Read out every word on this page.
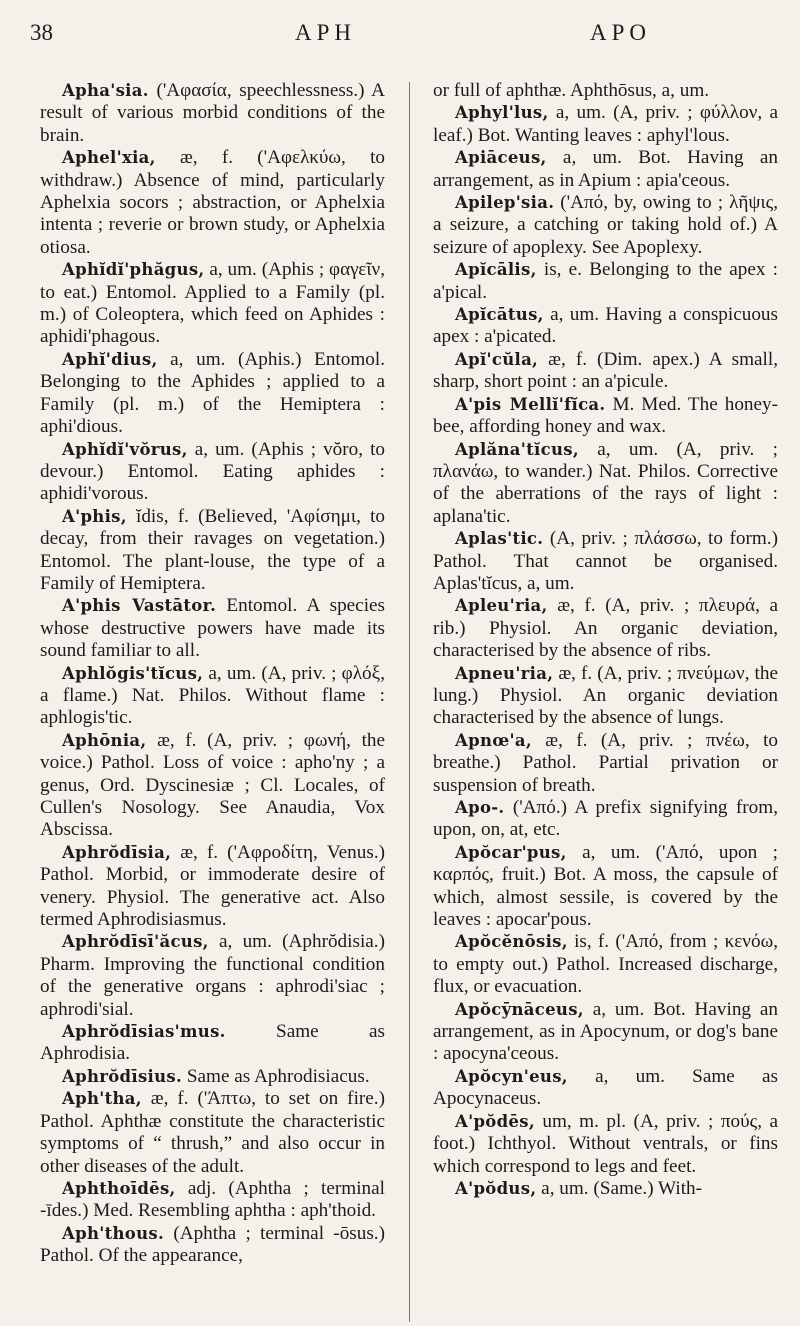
38	APH	APO
Apha'sia. ('Αφασία, speechlessness.) A result of various morbid conditions of the brain.
Aphel'xia, æ, f. ('Αφελκύω, to withdraw.) Absence of mind, particularly Aphelxia socors ; abstraction, or Aphelxia intenta ; reverie or brown study, or Aphelxia otiosa.
Aphĭdĭ'phăgus, a, um. (Aphis ; φαγεῖν, to eat.) Entomol. Applied to a Family (pl. m.) of Coleoptera, which feed on Aphides : aphidi'phagous.
Aphĭ'dius, a, um. (Aphis.) Entomol. Belonging to the Aphides ; applied to a Family (pl. m.) of the Hemiptera : aphi'dious.
Aphĭdĭ'vŏrus, a, um. (Aphis ; vŏro, to devour.) Entomol. Eating aphides : aphidi'vorous.
A'phis, ĭdis, f. (Believed, 'Αφίσημι, to decay, from their ravages on vegetation.) Entomol. The plant-louse, the type of a Family of Hemiptera.
A'phis Vastātor. Entomol. A species whose destructive powers have made its sound familiar to all.
Aphlŏgis'tĭcus, a, um. (A, priv. ; φλόξ, a flame.) Nat. Philos. Without flame : aphlogis'tic.
Aphōnia, æ, f. (A, priv. ; φωνή, the voice.) Pathol. Loss of voice : apho'ny ; a genus, Ord. Dyscinesiæ ; Cl. Locales, of Cullen's Nosology. See Anaudia, Vox Abscissa.
Aphrŏdīsia, æ, f. ('Αφροδίτη, Venus.) Pathol. Morbid, or immoderate desire of venery. Physiol. The generative act. Also termed Aphrodisiasmus.
Aphrŏdīsī'ăcus, a, um. (Aphrŏdisia.) Pharm. Improving the functional condition of the generative organs : aphrodi'siac ; aphrodi'sial.
Aphrŏdīsias'mus.	Same as Aphrodisia.
Aphrŏdīsius. Same as Aphrodisiacus.
Aph'tha, æ, f. ('Άπτω, to set on fire.) Pathol. Aphthæ constitute the characteristic symptoms of “ thrush,” and also occur in other diseases of the adult.
Aphthoīdēs, adj. (Aphtha ; terminal -īdes.) Med. Resembling aphtha : aph'thoid.
Aph'thous. (Aphtha ; terminal -ōsus.) Pathol. Of the appearance,
or full of aphthæ. Aphthōsus, a, um.
Aphyl'lus, a, um. (A, priv. ; φύλλον, a leaf.) Bot. Wanting leaves : aphyl'lous.
Apiāceus, a, um. Bot. Having an arrangement, as in Apium : apia'ceous.
Apilep'sia. ('Από, by, owing to ; λῆψις, a seizure, a catching or taking hold of.) A seizure of apoplexy. See Apoplexy.
Apĭcālis, is, e. Belonging to the apex : a'pical.
Apĭcātus, a, um. Having a conspicuous apex : a'picated.
Apĭ'cŭla, æ, f. (Dim. apex.) A small, sharp, short point : an a'picule.
A'pis Mellĭ'fĭca. M. Med. The honey-bee, affording honey and wax.
Aplăna'tĭcus, a, um. (A, priv. ; πλανάω, to wander.) Nat. Philos. Corrective of the aberrations of the rays of light : aplana'tic.
Aplas'tic. (A, priv. ; πλάσσω, to form.) Pathol. That cannot be organised. Aplas'tĭcus, a, um.
Apleu'ria, æ, f. (A, priv. ; πλευρά, a rib.) Physiol. An organic deviation, characterised by the absence of ribs.
Apneu'ria, æ, f. (A, priv. ; πνεύμων, the lung.) Physiol. An organic deviation characterised by the absence of lungs.
Apnœ'a, æ, f. (A, priv. ; πνέω, to breathe.) Pathol. Partial privation or suspension of breath.
Apo-. ('Από.) A prefix signifying from, upon, on, at, etc.
Apŏcar'pus, a, um. ('Από, upon ; καρπός, fruit.) Bot. A moss, the capsule of which, almost sessile, is covered by the leaves : apocar'pous.
Apŏcĕnōsis, is, f. ('Από, from ; κενόω, to empty out.) Pathol. Increased discharge, flux, or evacuation.
Apŏcȳnāceus, a, um. Bot. Having an arrangement, as in Apocynum, or dog's bane : apocyna'ceous.
Apŏcyn'eus, a, um. Same as Apocynaceus.
A'pŏdēs, um, m. pl. (A, priv. ; πούς, a foot.) Ichthyol. Without ventrals, or fins which correspond to legs and feet.
A'pŏdus, a, um. (Same.) With-
